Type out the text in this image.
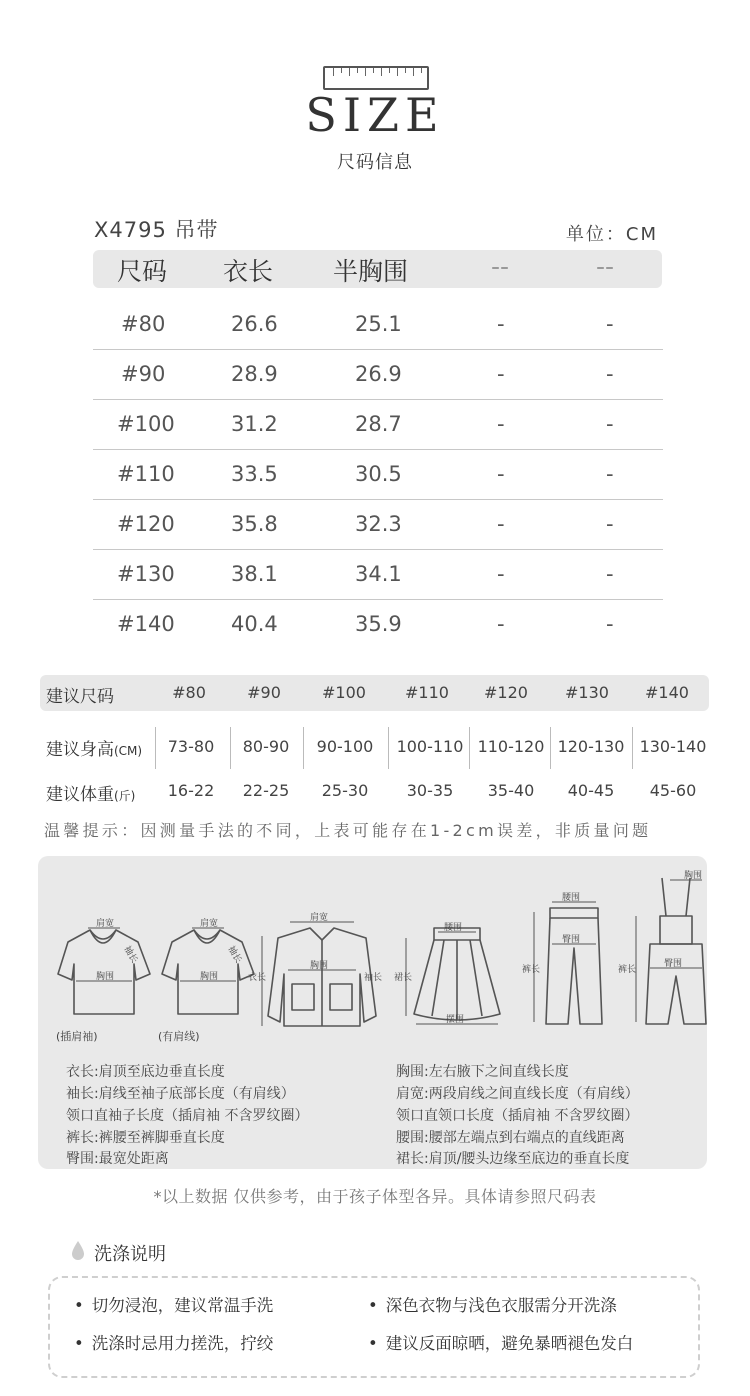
SIZE
尺码信息
X4795 吊带	单位：CM
尺码 衣长 半胸围	--	--
#80	26.6	25.1	-	-
#90	28.9	26.9	-	-
#100	31.2	28.7	-	-
#110	33.5	30.5	-	-
#120	35.8	32.3	-	-
#130	38.1	34.1	-	-
#140	40.4	35.9	-	-
建议尺码	#80	#90	#100	#110	#120	#130	#140
建议身高(CM)	73-80	80-90	90-100	100-110 110-120 120-130 130-140
建议体重(斤)	16-22	22-25	25-30	30-35	35-40	40-45	45-60
温馨提示：因测量手法的不同，上表可能存在1-2cm误差，非质量问题
肩宽	肩宽
胸围	胸围
袖长	袖长
肩宽
胸围
衣长	袖长
腰围
摆围
裙长
腰围
臀围
裤长
胸围
臀围
裤长
(插肩袖)	(有肩线)
衣长:肩顶至底边垂直长度
袖长:肩线至袖子底部长度（有肩线）
领口直袖子长度（插肩袖 不含罗纹圈）
裤长:裤腰至裤脚垂直长度
臀围:最宽处距离
胸围:左右腋下之间直线长度
肩宽:两段肩线之间直线长度（有肩线）
领口直领口长度（插肩袖 不含罗纹圈）
腰围:腰部左端点到右端点的直线距离
裙长:肩顶/腰头边缘至底边的垂直长度
*以上数据 仅供参考，由于孩子体型各异。具体请参照尺码表
洗涤说明
• 切勿浸泡，建议常温手洗	• 深色衣物与浅色衣服需分开洗涤
• 洗涤时忌用力搓洗，拧绞	• 建议反面晾晒，避免暴晒褪色发白
